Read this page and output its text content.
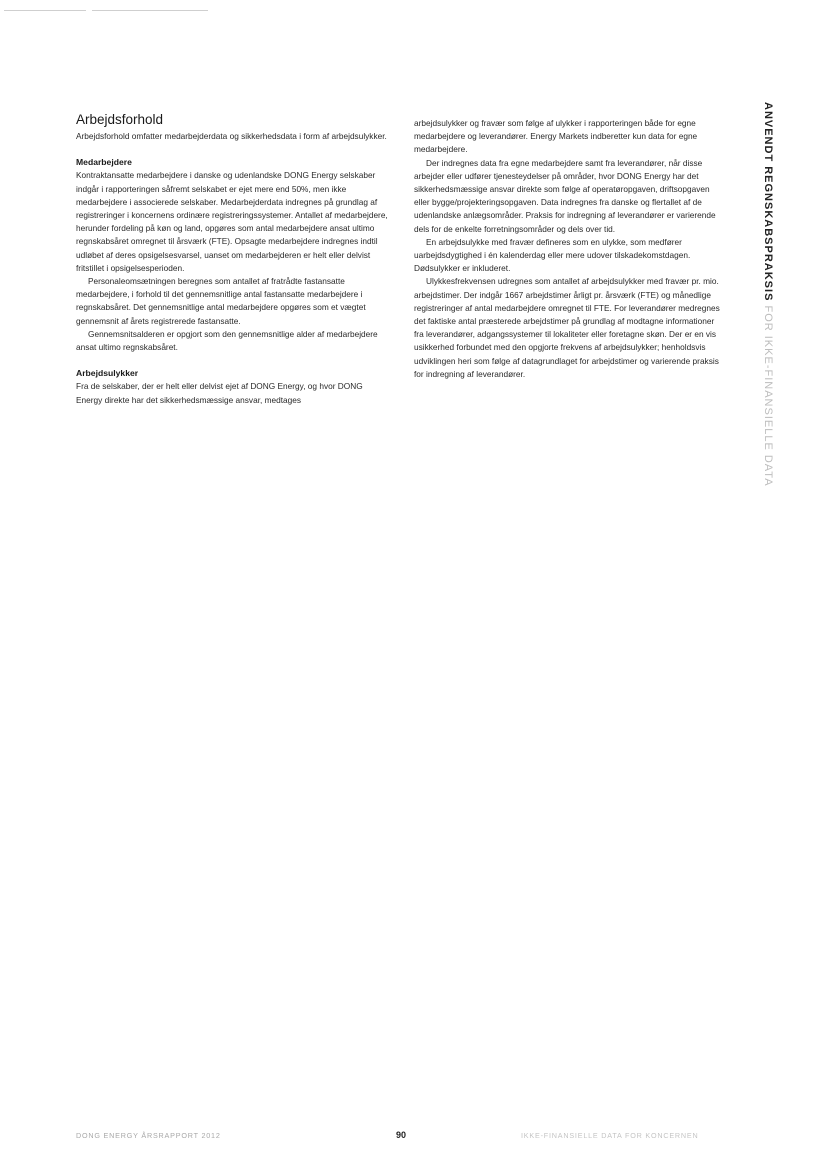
Arbejdsforhold

Arbejdsforhold omfatter medarbejderdata og sikkerhedsdata i form af arbejdsulykker.

Medarbejdere

Kontraktansatte medarbejdere i danske og udenlandske DONG Energy selskaber indgår i rapporteringen såfremt selskabet er ejet mere end 50%, men ikke medarbejdere i associerede selskaber. Medarbejderdata indregnes på grundlag af registreringer i koncernens ordinære registreringssystemer. Antallet af medarbejdere, herunder fordeling på køn og land, opgøres som antal medarbejdere ansat ultimo regnskabsåret omregnet til årsværk (FTE). Opsagte medarbejdere indregnes indtil udløbet af deres opsigelsesvarsel, uanset om medarbejderen er helt eller delvist fritstillet i opsigelsesperioden.

Personaleomsætningen beregnes som antallet af fratrådte fastansatte medarbejdere, i forhold til det gennemsnitlige antal fastansatte medarbejdere i regnskabsåret. Det gennemsnitlige antal medarbejdere opgøres som et vægtet gennemsnit af årets registrerede fastansatte.

Gennemsnitsalderen er opgjort som den gennemsnitlige alder af medarbejdere ansat ultimo regnskabsåret.

Arbejdsulykker

Fra de selskaber, der er helt eller delvist ejet af DONG Energy, og hvor DONG Energy direkte har det sikkerhedsmæssige ansvar, medtages

arbejdsulykker og fravær som følge af ulykker i rapporteringen både for egne medarbejdere og leverandører. Energy Markets indberetter kun data for egne medarbejdere.

Der indregnes data fra egne medarbejdere samt fra leverandører, når disse arbejder eller udfører tjenesteydelser på områder, hvor DONG Energy har det sikkerhedsmæssige ansvar direkte som følge af operatøropgaven, driftsopgaven eller bygge/projekteringsopgaven. Data indregnes fra danske og flertallet af de udenlandske anlægsområder. Praksis for indregning af leverandører er varierende dels for de enkelte forretningsområder og dels over tid.

En arbejdsulykke med fravær defineres som en ulykke, som medfører uarbejdsdygtighed i én kalenderdag eller mere udover tilskadekomstdagen. Dødsulykker er inkluderet.

Ulykkesfrekvensen udregnes som antallet af arbejdsulykker med fravær pr. mio. arbejdstimer. Der indgår 1667 arbejdstimer årligt pr. årsværk (FTE) og månedlige registreringer af antal medarbejdere omregnet til FTE. For leverandører medregnes det faktiske antal præsterede arbejdstimer på grundlag af modtagne informationer fra leverandører, adgangssystemer til lokaliteter eller foretagne skøn. Der er en vis usikkerhed forbundet med den opgjorte frekvens af arbejdsulykker; henholdsvis udviklingen heri som følge af datagrundlaget for arbejdstimer og varierende praksis for indregning af leverandører.

ANVENDT REGNSKABSPRAKSIS FOR IKKE-FINANSIELLE DATA
DONG ENERGY ÅRSRAPPORT 2012	90	IKKE-FINANSIELLE DATA FOR KONCERNEN
